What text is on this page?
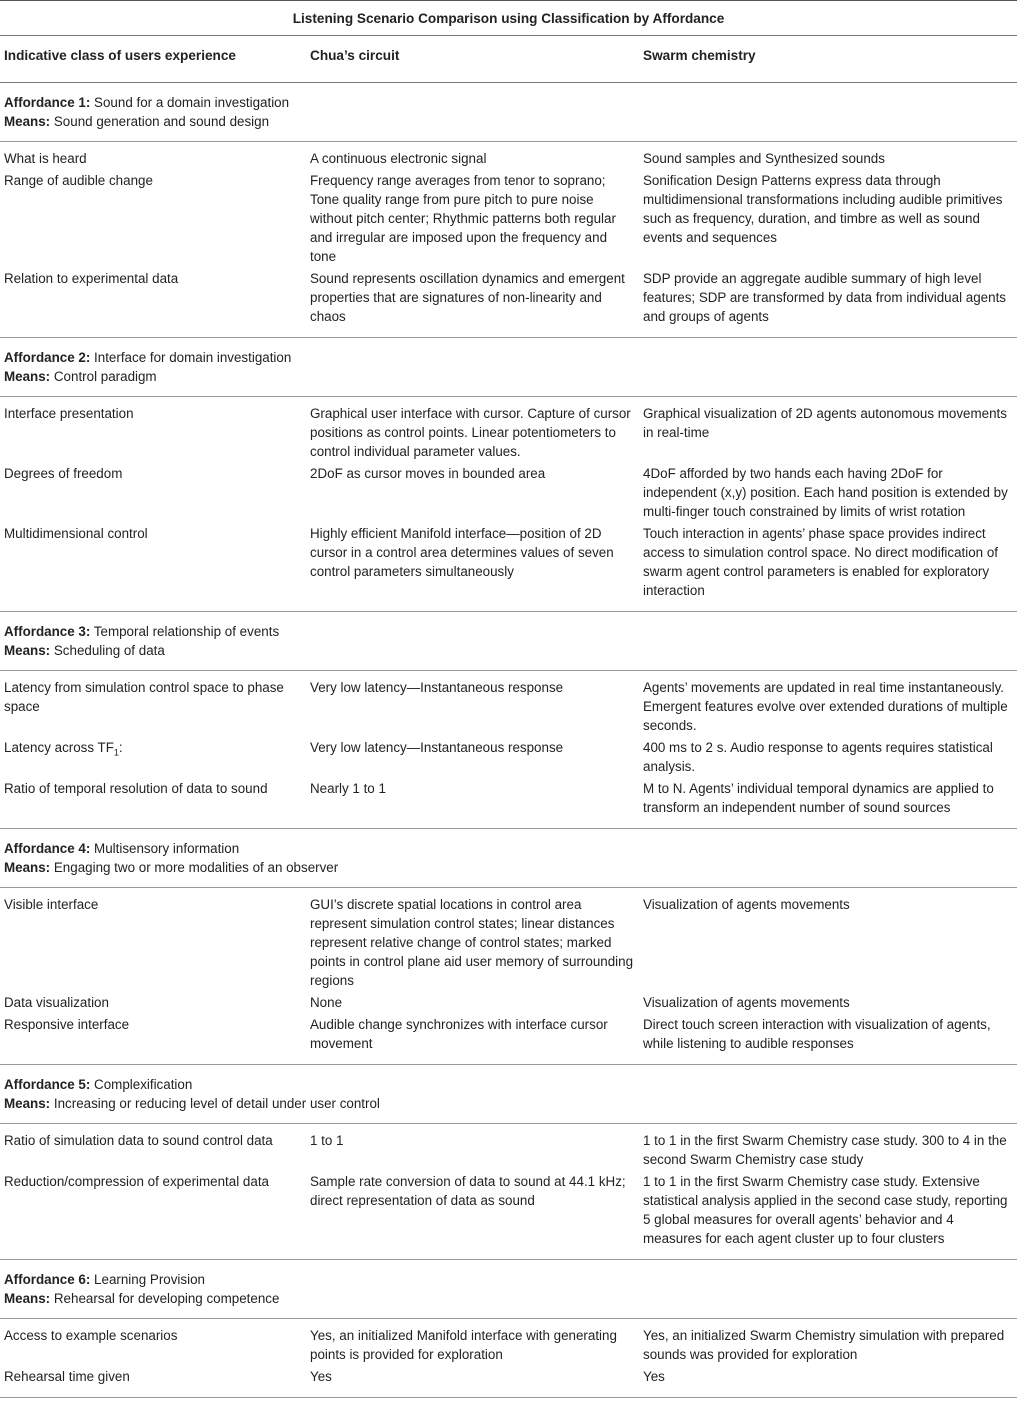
Listening Scenario Comparison using Classification by Affordance
Indicative class of users experience	Chua’s circuit	Swarm chemistry

Affordance 1: Sound for a domain investigation
Means: Sound generation and sound design		

What is heard	A continuous electronic signal	Sound samples and Synthesized sounds
Range of audible change	Frequency range averages from tenor to soprano; Tone quality range from pure pitch to pure noise without pitch center; Rhythmic patterns both regular and irregular are imposed upon the frequency and tone	Sonification Design Patterns express data through multidimensional transformations including audible primitives such as frequency, duration, and timbre as well as sound events and sequences
Relation to experimental data	Sound represents oscillation dynamics and emergent properties that are signatures of non-linearity and chaos	SDP provide an aggregate audible summary of high level features; SDP are transformed by data from individual agents and groups of agents

Affordance 2: Interface for domain investigation
Means: Control paradigm		

Interface presentation	Graphical user interface with cursor. Capture of cursor positions as control points. Linear potentiometers to control individual parameter values.	Graphical visualization of 2D agents autonomous movements in real-time
Degrees of freedom	2DoF as cursor moves in bounded area	4DoF afforded by two hands each having 2DoF for independent (x,y) position. Each hand position is extended by multi-finger touch constrained by limits of wrist rotation
Multidimensional control	Highly efficient Manifold interface—position of 2D cursor in a control area determines values of seven control parameters simultaneously	Touch interaction in agents’ phase space provides indirect access to simulation control space. No direct modification of swarm agent control parameters is enabled for exploratory interaction

Affordance 3: Temporal relationship of events
Means: Scheduling of data		

Latency from simulation control space to phase space	Very low latency—Instantaneous response	Agents’ movements are updated in real time instantaneously. Emergent features evolve over extended durations of multiple seconds.
Latency across $TF_1$:	Very low latency—Instantaneous response	400 ms to 2 s. Audio response to agents requires statistical analysis.
Ratio of temporal resolution of data to sound	Nearly 1 to 1	M to N. Agents’ individual temporal dynamics are applied to transform an independent number of sound sources

Affordance 4: Multisensory information
Means: Engaging two or more modalities of an observer		

Visible interface	GUI’s discrete spatial locations in control area represent simulation control states; linear distances represent relative change of control states; marked points in control plane aid user memory of surrounding regions	Visualization of agents movements
Data visualization	None	Visualization of agents movements
Responsive interface	Audible change synchronizes with interface cursor movement	Direct touch screen interaction with visualization of agents, while listening to audible responses

Affordance 5: Complexification
Means: Increasing or reducing level of detail under user control		

Ratio of simulation data to sound control data	1 to 1	1 to 1 in the first Swarm Chemistry case study. 300 to 4 in the second Swarm Chemistry case study
Reduction/compression of experimental data	Sample rate conversion of data to sound at 44.1 kHz; direct representation of data as sound	1 to 1 in the first Swarm Chemistry case study. Extensive statistical analysis applied in the second case study, reporting 5 global measures for overall agents’ behavior and 4 measures for each agent cluster up to four clusters

Affordance 6: Learning Provision
Means: Rehearsal for developing competence		

Access to example scenarios	Yes, an initialized Manifold interface with generating points is provided for exploration	Yes, an initialized Swarm Chemistry simulation with prepared sounds was provided for exploration
Rehearsal time given	Yes	Yes
